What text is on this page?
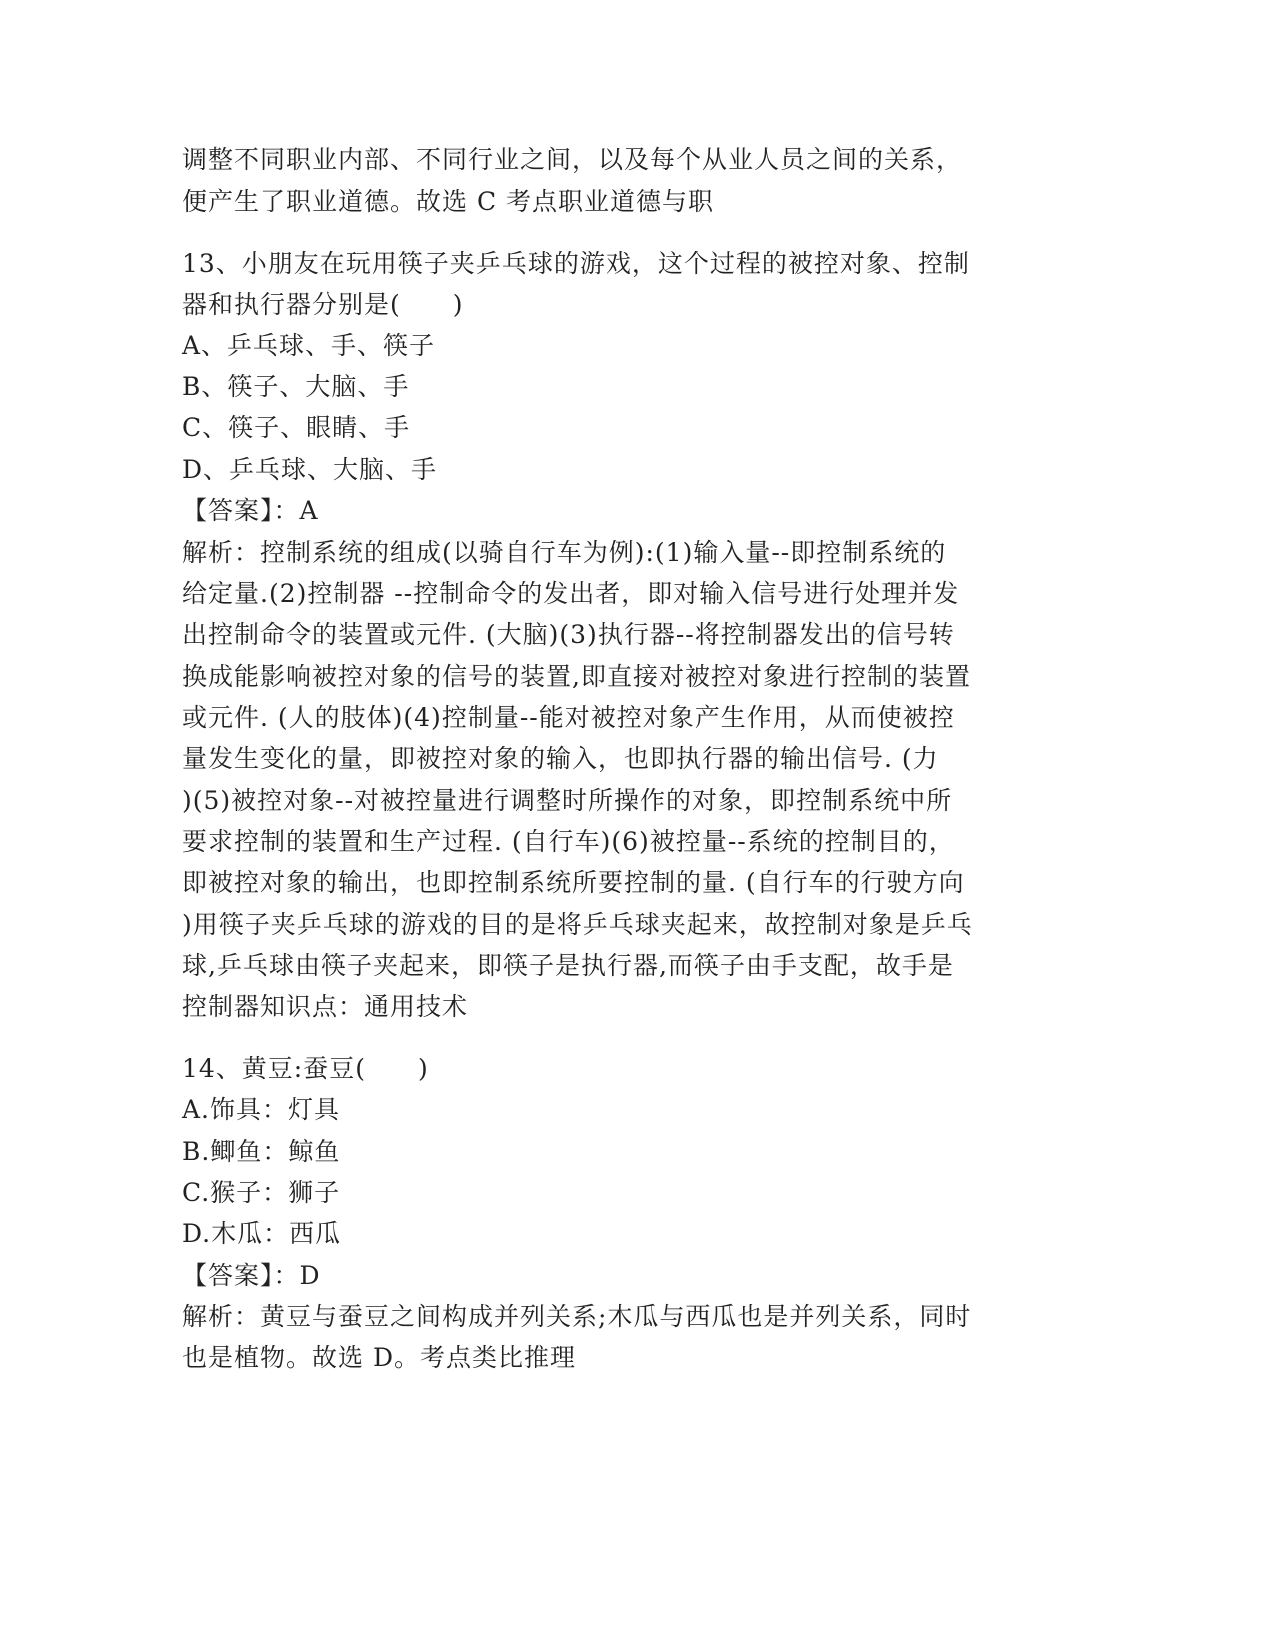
调整不同职业内部、不同行业之间，以及每个从业人员之间的关系，
便产生了职业道德。故选 C 考点职业道德与职
13、小朋友在玩用筷子夹乒乓球的游戏，这个过程的被控对象、控制
器和执行器分别是(　　)
A、乒乓球、手、筷子
B、筷子、大脑、手
C、筷子、眼睛、手
D、乒乓球、大脑、手
【答案】：A
解析：控制系统的组成(以骑自行车为例):(1)输入量--即控制系统的
给定量.(2)控制器 --控制命令的发出者，即对输入信号进行处理并发
出控制命令的装置或元件. (大脑)(3)执行器--将控制器发出的信号转
换成能影响被控对象的信号的装置,即直接对被控对象进行控制的装置
或元件. (人的肢体)(4)控制量--能对被控对象产生作用，从而使被控
量发生变化的量，即被控对象的输入，也即执行器的输出信号. (力
)(5)被控对象--对被控量进行调整时所操作的对象，即控制系统中所
要求控制的装置和生产过程. (自行车)(6)被控量--系统的控制目的，
即被控对象的输出，也即控制系统所要控制的量. (自行车的行驶方向
)用筷子夹乒乓球的游戏的目的是将乒乓球夹起来，故控制对象是乒乓
球,乒乓球由筷子夹起来，即筷子是执行器,而筷子由手支配，故手是
控制器知识点：通用技术
14、黄豆:蚕豆(　　)
A.饰具：灯具
B.鲫鱼：鲸鱼
C.猴子：狮子
D.木瓜：西瓜
【答案】：D
解析：黄豆与蚕豆之间构成并列关系;木瓜与西瓜也是并列关系，同时
也是植物。故选 D。考点类比推理
